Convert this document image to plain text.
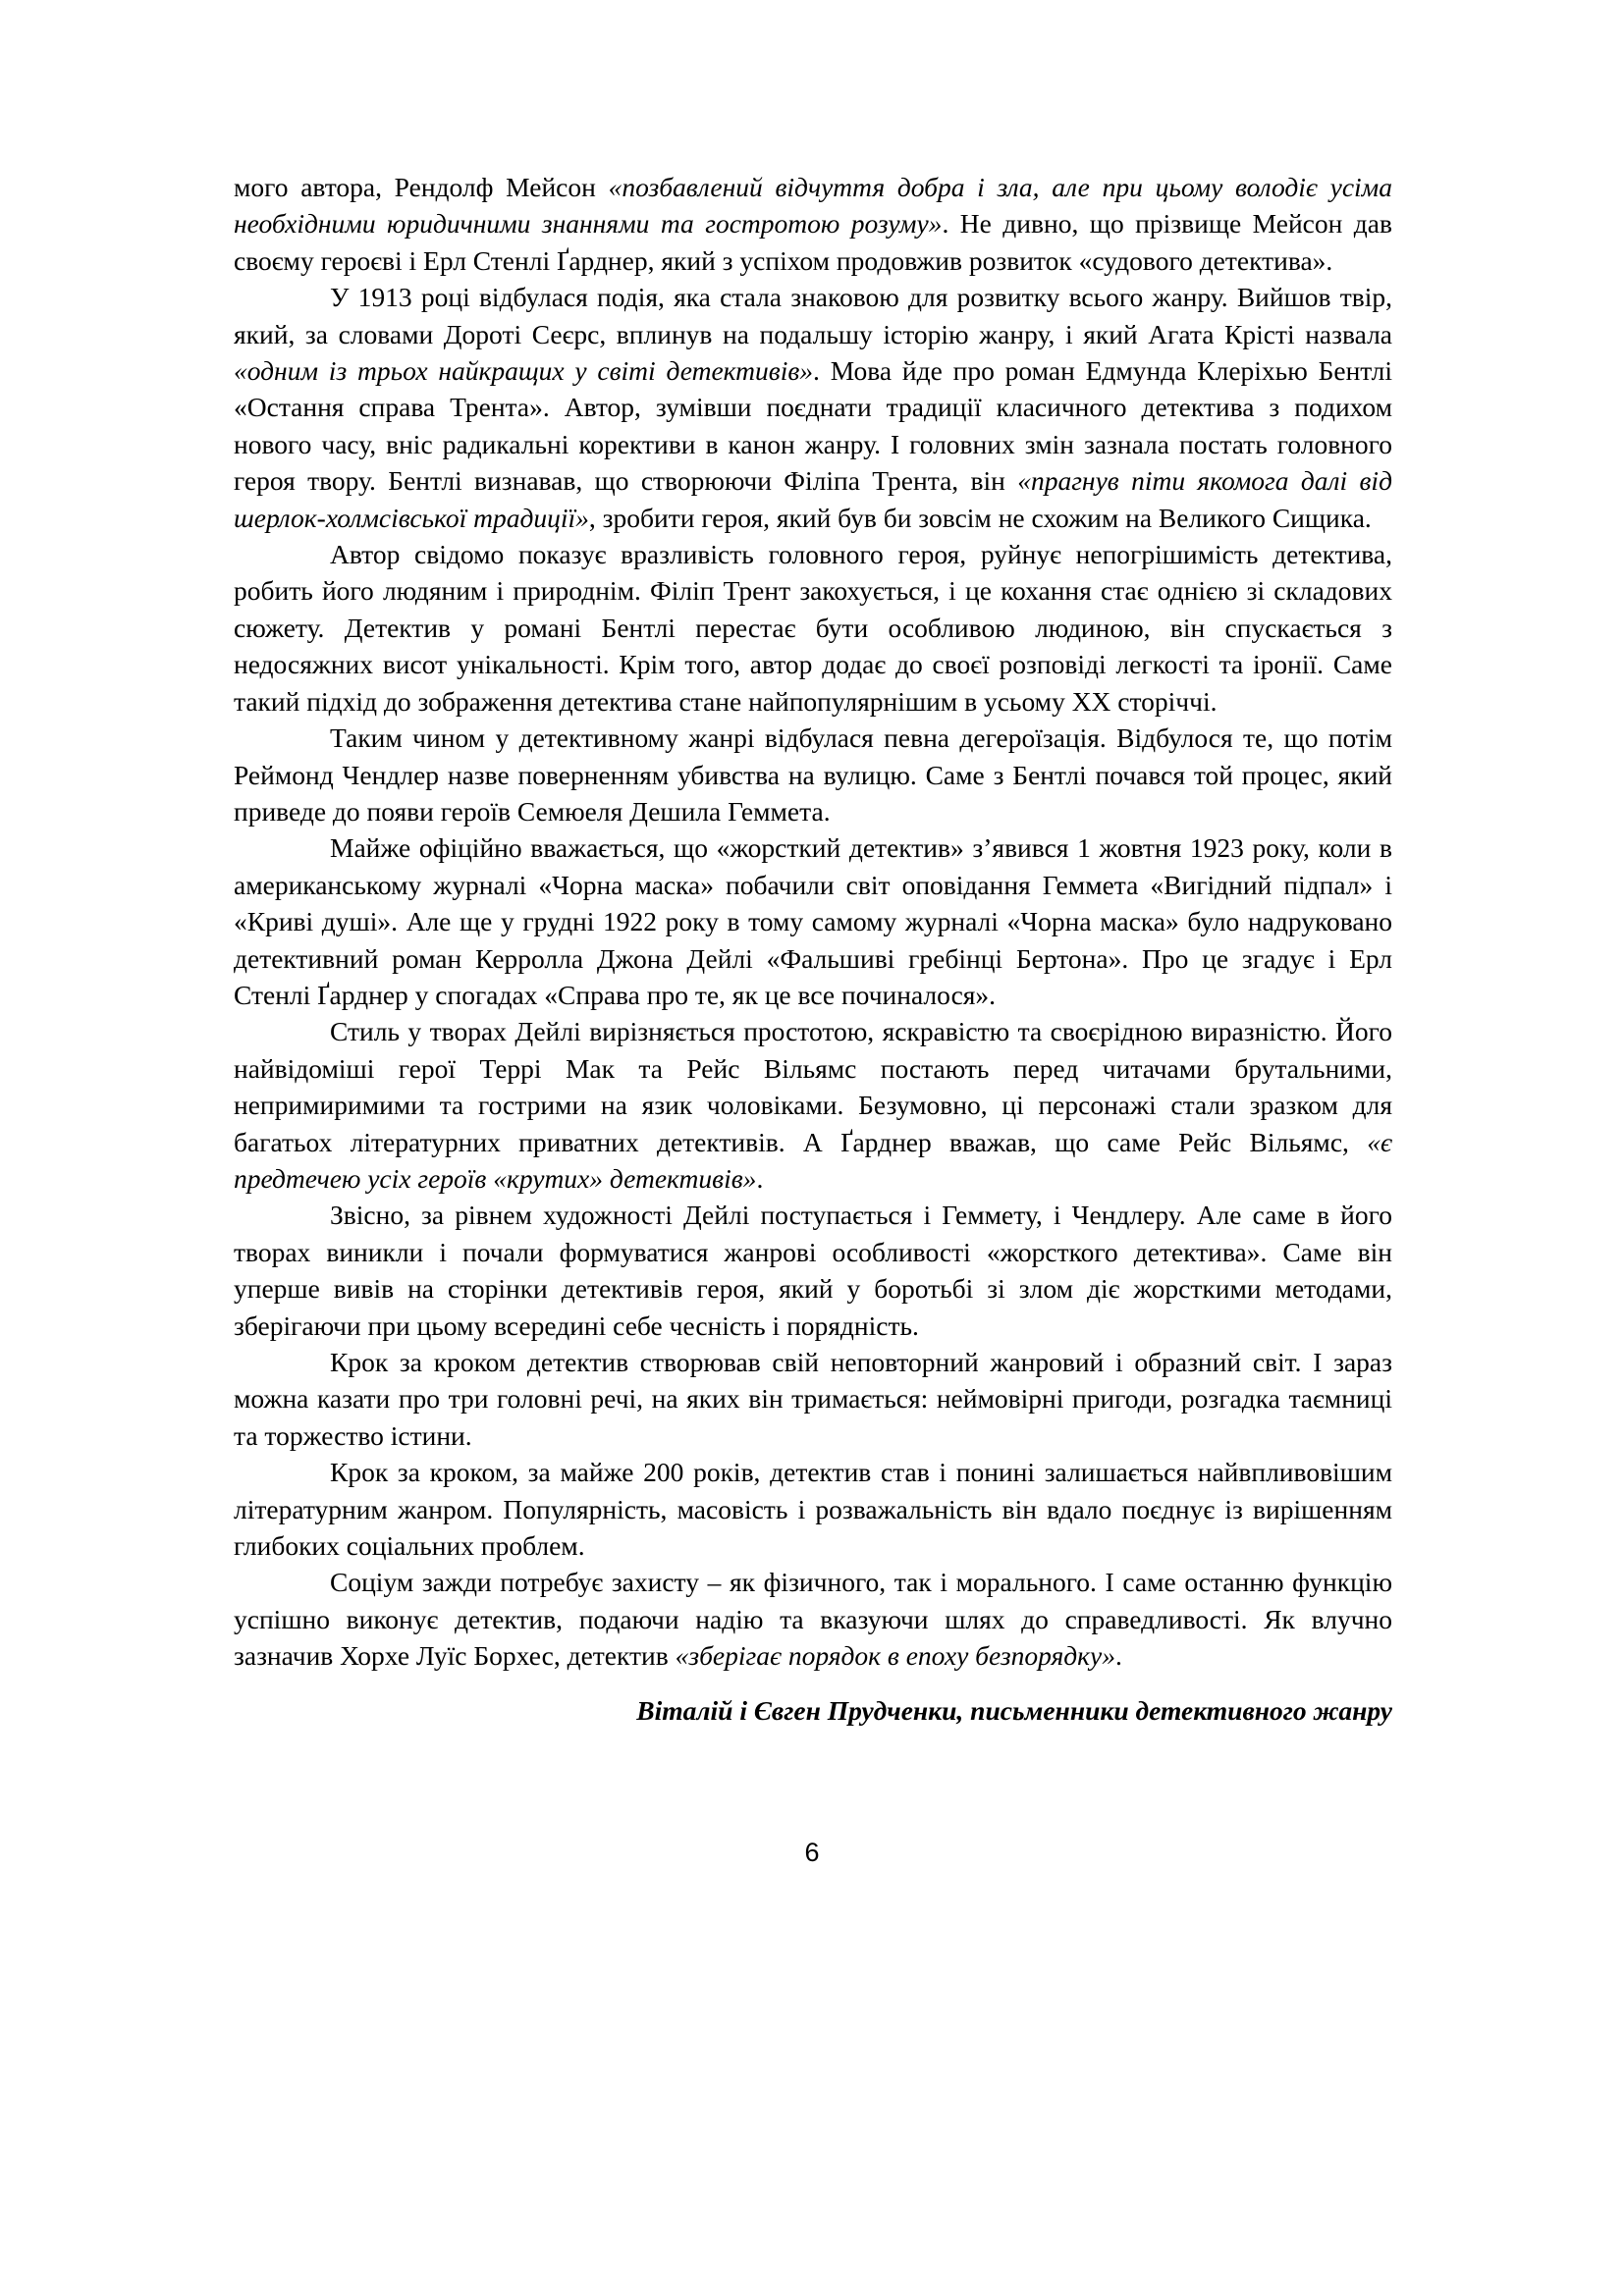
мого автора, Рендолф Мейсон «позбавлений відчуття добра і зла, але при цьому володіє усіма необхідними юридичними знаннями та гостротою розуму». Не дивно, що прізвище Мейсон дав своєму героєві і Ерл Стенлі Ґарднер, який з успіхом продовжив розвиток «судового детектива».

У 1913 році відбулася подія, яка стала знаковою для розвитку всього жанру. Вийшов твір, який, за словами Дороті Сеєрс, вплинув на подальшу історію жанру, і який Агата Крісті назвала «одним із трьох найкращих у світі детективів». Мова йде про роман Едмунда Клеріхью Бентлі «Остання справа Трента». Автор, зумівши поєднати традиції класичного детектива з подихом нового часу, вніс радикальні корективи в канон жанру. І головних змін зазнала постать головного героя твору. Бентлі визнавав, що створюючи Філіпа Трента, він «прагнув піти якомога далі від шерлок-холмсівської традиції», зробити героя, який був би зовсім не схожим на Великого Сищика.

Автор свідомо показує вразливість головного героя, руйнує непогрішимість детектива, робить його людяним і природнім. Філіп Трент закохується, і це кохання стає однією зі складових сюжету. Детектив у романі Бентлі перестає бути особливою людиною, він спускається з недосяжних висот унікальності. Крім того, автор додає до своєї розповіді легкості та іронії. Саме такий підхід до зображення детектива стане найпопулярнішим в усьому XX сторіччі.

Таким чином у детективному жанрі відбулася певна дегероїзація. Відбулося те, що потім Реймонд Чендлер назве поверненням убивства на вулицю. Саме з Бентлі почався той процес, який приведе до появи героїв Семюеля Дешила Геммета.

Майже офіційно вважається, що «жорсткий детектив» з’явився 1 жовтня 1923 року, коли в американському журналі «Чорна маска» побачили світ оповідання Геммета «Вигідний підпал» і «Криві душі». Але ще у грудні 1922 року в тому самому журналі «Чорна маска» було надруковано детективний роман Керролла Джона Дейлі «Фальшиві гребінці Бертона». Про це згадує і Ерл Стенлі Ґарднер у спогадах «Справа про те, як це все починалося».

Стиль у творах Дейлі вирізняється простотою, яскравістю та своєрідною виразністю. Його найвідоміші герої Террі Мак та Рейс Вільямс постають перед читачами брутальними, непримиримими та гострими на язик чоловіками. Безумовно, ці персонажі стали зразком для багатьох літературних приватних детективів. А Ґарднер вважав, що саме Рейс Вільямс, «є предтечею усіх героїв «крутих» детективів».

Звісно, за рівнем художності Дейлі поступається і Геммету, і Чендлеру. Але саме в його творах виникли і почали формуватися жанрові особливості «жорсткого детектива». Саме він уперше вивів на сторінки детективів героя, який у боротьбі зі злом діє жорсткими методами, зберігаючи при цьому всередині себе чесність і порядність.

Крок за кроком детектив створював свій неповторний жанровий і образний світ. І зараз можна казати про три головні речі, на яких він тримається: неймовірні пригоди, розгадка таємниці та торжество істини.

Крок за кроком, за майже 200 років, детектив став і понині залишається найвпливовішим літературним жанром. Популярність, масовість і розважальність він вдало поєднує із вирішенням глибоких соціальних проблем.

Соціум зажди потребує захисту – як фізичного, так і морального. І саме останню функцію успішно виконує детектив, подаючи надію та вказуючи шлях до справедливості. Як влучно зазначив Хорхе Луїс Борхес, детектив «зберігає порядок в епоху безпорядку».

Віталій і Євген Прудченки, письменники детективного жанру
6
